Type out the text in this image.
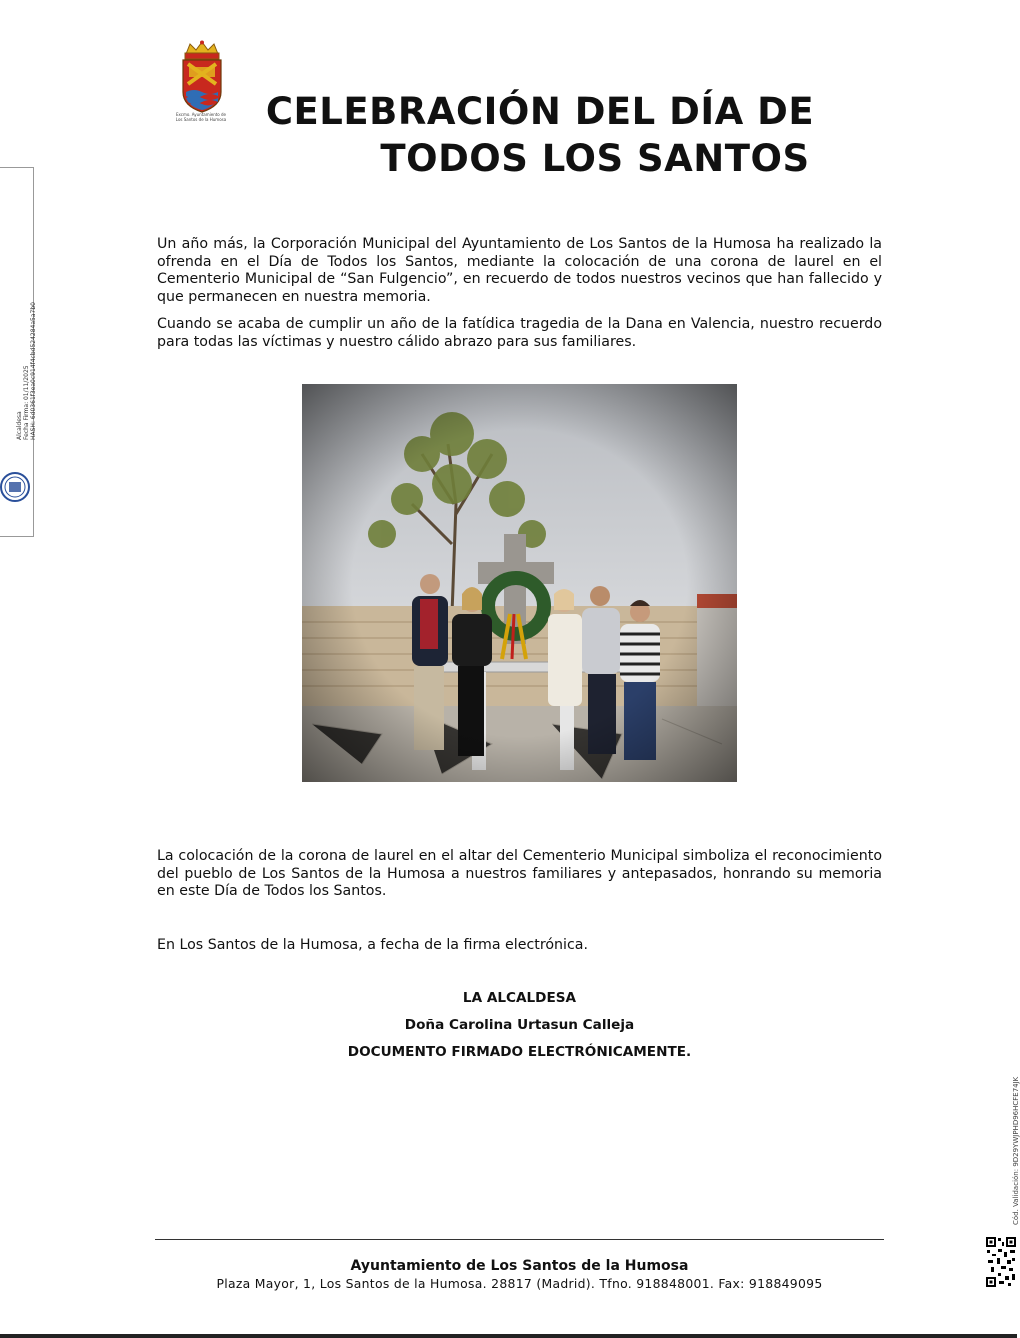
Excmo. Ayuntamiento de
Los Santos de la Humosa	CELEBRACIÓN DEL DÍA DE
TODOS LOS SANTOS

Un año más, la Corporación Municipal del Ayuntamiento de Los Santos de la Humosa ha realizado la ofrenda en el Día de Todos los Santos, mediante la colocación de una corona de laurel en el Cementerio Municipal de “San Fulgencio”, en recuerdo de todos nuestros vecinos que han fallecido y que permanecen en nuestra memoria.

Cuando se acaba de cumplir un año de la fatídica tragedia de la Dana en Valencia, nuestro recuerdo para todas las víctimas y nuestro cálido abrazo para sus familiares.

La colocación de la corona de laurel en el altar del Cementerio Municipal simboliza el reconocimiento del pueblo de Los Santos de la Humosa a nuestros familiares y antepasados, honrando su memoria en este Día de Todos los Santos.

En Los Santos de la Humosa, a fecha de la firma electrónica.

LA ALCALDESA

Doña Carolina Urtasun Calleja

DOCUMENTO FIRMADO ELECTRÓNICAMENTE.

Ayuntamiento de Los Santos de la Humosa
Plaza Mayor, 1, Los Santos de la Humosa. 28817 (Madrid). Tfno. 918848001. Fax: 918849095
Alcaldesa Fecha Firma: 01/11/2025 HASH: 6d0361f3ea0c914f4cbd524284a5a7b0
Cód. Validación: 9D29YWJPHD96HCFE74JK
